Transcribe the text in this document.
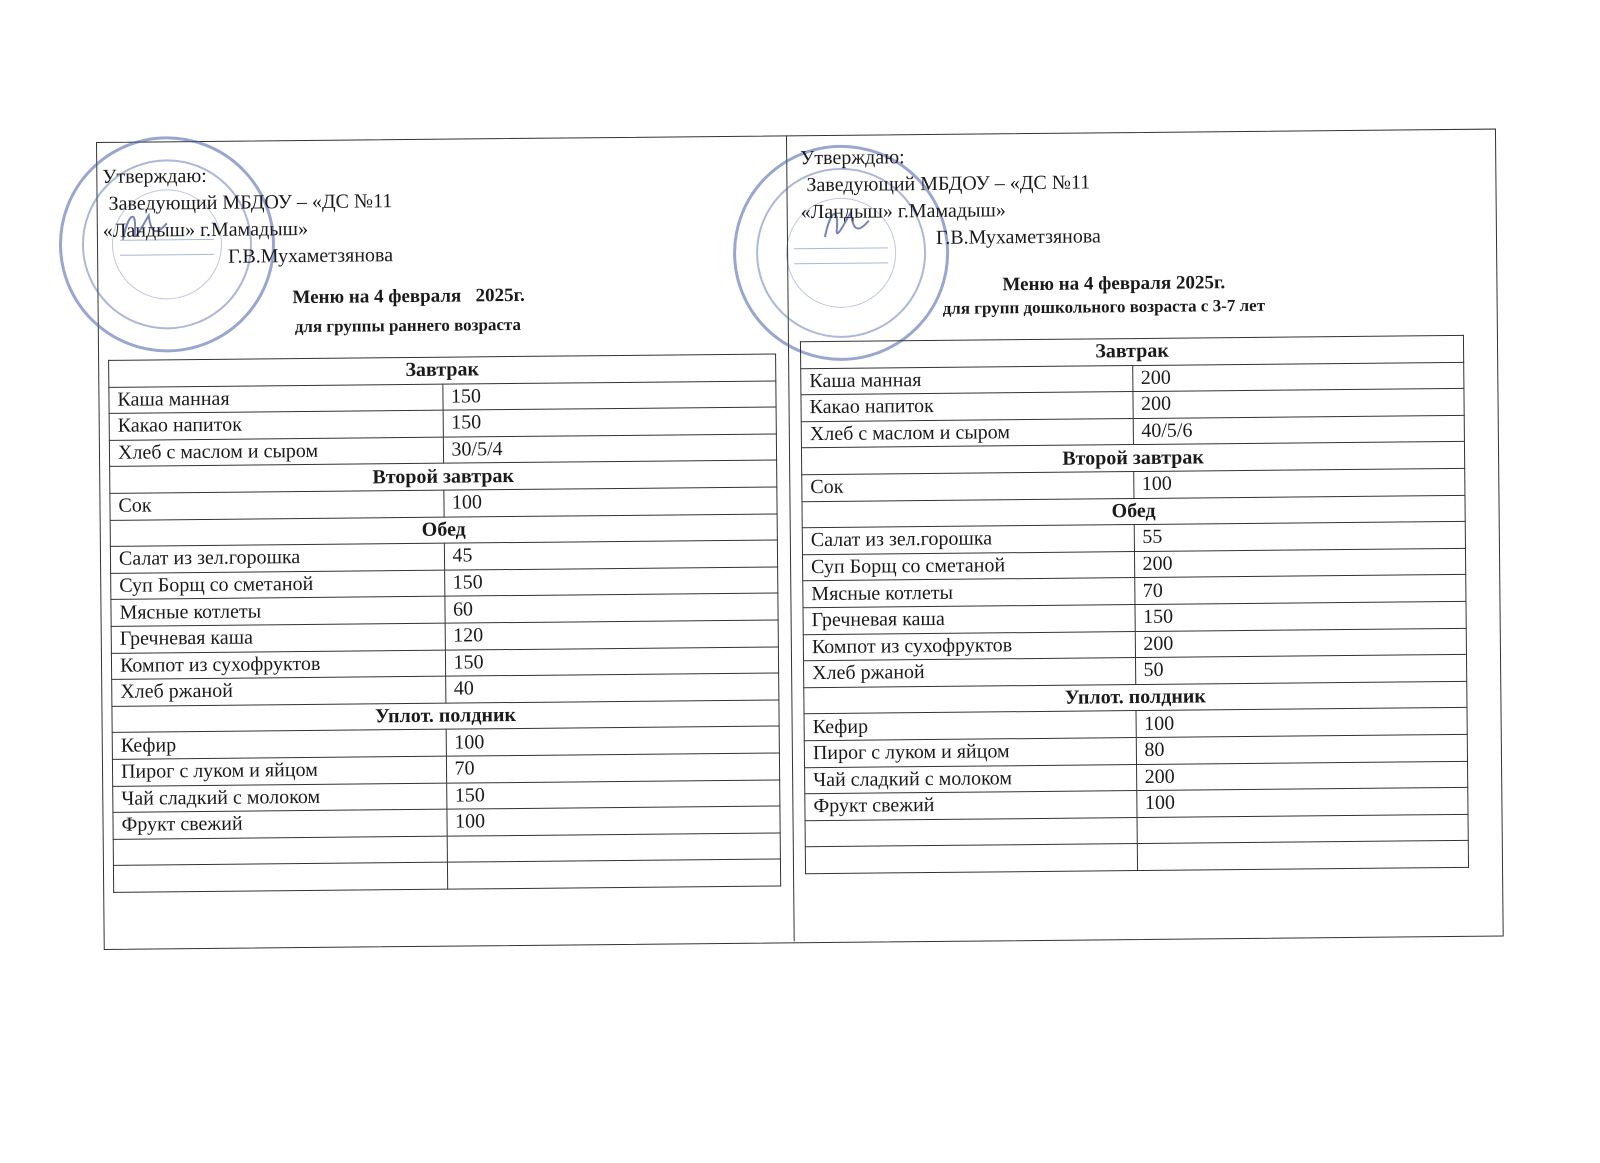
Утверждаю:
Заведующий МБДОУ – «ДС №11
«Ландыш» г.Мамадыш»
Г.В.Мухаметзянова
Меню на 4 февраля   2025г.
для группы раннего возраста
Завтрак	
Каша манная	150
Какао напиток	150
Хлеб с маслом и сыром	30/5/4
Второй завтрак	
Сок	100
Обед	
Салат из зел.горошка	45
Суп Борщ со сметаной	150
Мясные котлеты	60
Гречневая каша	120
Компот из сухофруктов	150
Хлеб ржаной	40
Уплот. полдник	
Кефир	100
Пирог с луком и яйцом	70
Чай сладкий с молоком	150
Фрукт свежий	100

Утверждаю:
Заведующий МБДОУ – «ДС №11
«Ландыш» г.Мамадыш»
Г.В.Мухаметзянова
Меню на 4 февраля 2025г.
для групп дошкольного возраста с 3-7 лет
Завтрак	
Каша манная	200
Какао напиток	200
Хлеб с маслом и сыром	40/5/6
Второй завтрак	
Сок	100
Обед	
Салат из зел.горошка	55
Суп Борщ со сметаной	200
Мясные котлеты	70
Гречневая каша	150
Компот из сухофруктов	200
Хлеб ржаной	50
Уплот. полдник	
Кефир	100
Пирог с луком и яйцом	80
Чай сладкий с молоком	200
Фрукт свежий	100
